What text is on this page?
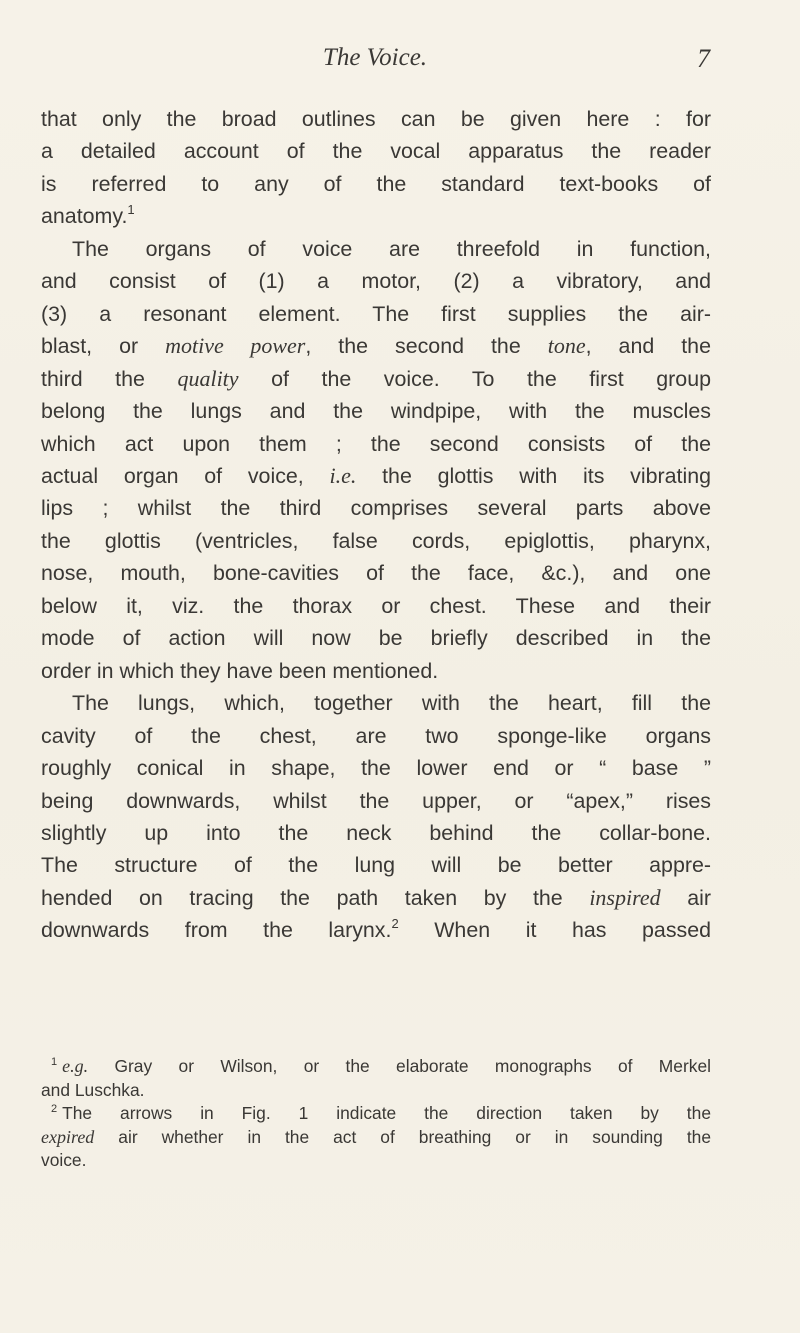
The Voice.	7

that only the broad outlines can be given here : for
a detailed account of the vocal apparatus the reader
is referred to any of the standard text-books of
anatomy.$^1$

The organs of voice are threefold in function,
and consist of (1) a motor, (2) a vibratory, and
(3) a resonant element. The first supplies the air-
blast, or motive power, the second the tone, and the
third the quality of the voice. To the first group
belong the lungs and the windpipe, with the muscles
which act upon them ; the second consists of the
actual organ of voice, i.e. the glottis with its vibrating
lips ; whilst the third comprises several parts above
the glottis (ventricles, false cords, epiglottis, pharynx,
nose, mouth, bone-cavities of the face, &c.), and one
below it, viz. the thorax or chest. These and their
mode of action will now be briefly described in the
order in which they have been mentioned.

The lungs, which, together with the heart, fill the
cavity of the chest, are two sponge-like organs
roughly conical in shape, the lower end or “ base ”
being downwards, whilst the upper, or “apex,” rises
slightly up into the neck behind the collar-bone.
The structure of the lung will be better appre-
hended on tracing the path taken by the inspired air
downwards from the larynx.$^2$ When it has passed

$^1$ e.g. Gray or Wilson, or the elaborate monographs of Merkel
and Luschka.

$^2$ The arrows in Fig. 1 indicate the direction taken by the
expired air whether in the act of breathing or in sounding the
voice.
